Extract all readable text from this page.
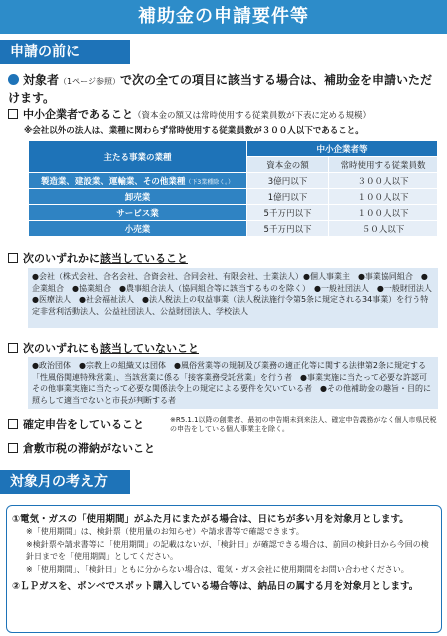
補助金の申請要件等
申請の前に
対象者（1ページ参照）で次の全ての項目に該当する場合は、補助金を申請いただけます。
中小企業者であること（資本金の額又は常時使用する従業員数が下表に定める規模）
※会社以外の法人は、業種に関わらず常時使用する従業員数が３００人以下であること。
主たる事業の業種	中小企業者等	
	資本金の額	常時使用する従業員数
製造業、建設業、運輸業、その他業種（下3業種除く。）	3億円以下	３００人以下
卸売業	1億円以下	１００人以下
サービス業	5千万円以下	１００人以下
小売業	5千万円以下	５０人以下
次のいずれかに該当していること
●会社（株式会社、合名会社、合資会社、合同会社、有限会社、士業法人）●個人事業主　●事業協同組合　●企業組合　●協業組合　●農事組合法人（協同組合等に該当するものを除く）　●一般社団法人　●一般財団法人　●医療法人　●社会福祉法人　●法人税法上の収益事業（法人税法施行令第5条に規定される34事業）を行う特定非営利活動法人、公益社団法人、公益財団法人、学校法人
次のいずれにも該当していないこと
●政治団体　●宗教上の組織又は団体　●風俗営業等の規制及び業務の適正化等に関する法律第2条に規定する「性風俗関連特殊営業」、当該営業に係る「接客業務受託営業」を行う者　●事業実施に当たって必要な許認可その他事業実施に当たって必要な関係法令上の規定による要件を欠いている者　●その他補助金の趣旨・目的に照らして適当でないと市長が判断する者
確定申告をしていること	※R5.1.1以降の創業者、最初の申告期未到来法人、確定申告義務がなく個人市県民税の申告をしている個人事業主を除く。
倉敷市税の滞納がないこと
対象月の考え方
①電気・ガスの「使用期間」がふた月にまたがる場合は、日にちが多い月を対象月とします。
※「使用期間」は、検針票（使用量のお知らせ）や請求書等で確認できます。
※検針票や請求書等に「使用期間」の記載はないが、「検針日」が確認できる場合は、前回の検針日から今回の検針日までを「使用期間」としてください。
※「使用期間」、「検針日」ともに分からない場合は、電気・ガス会社に使用期間をお問い合わせください。
②ＬＰガスを、ボンベでスポット購入している場合等は、納品日の属する月を対象月とします。
